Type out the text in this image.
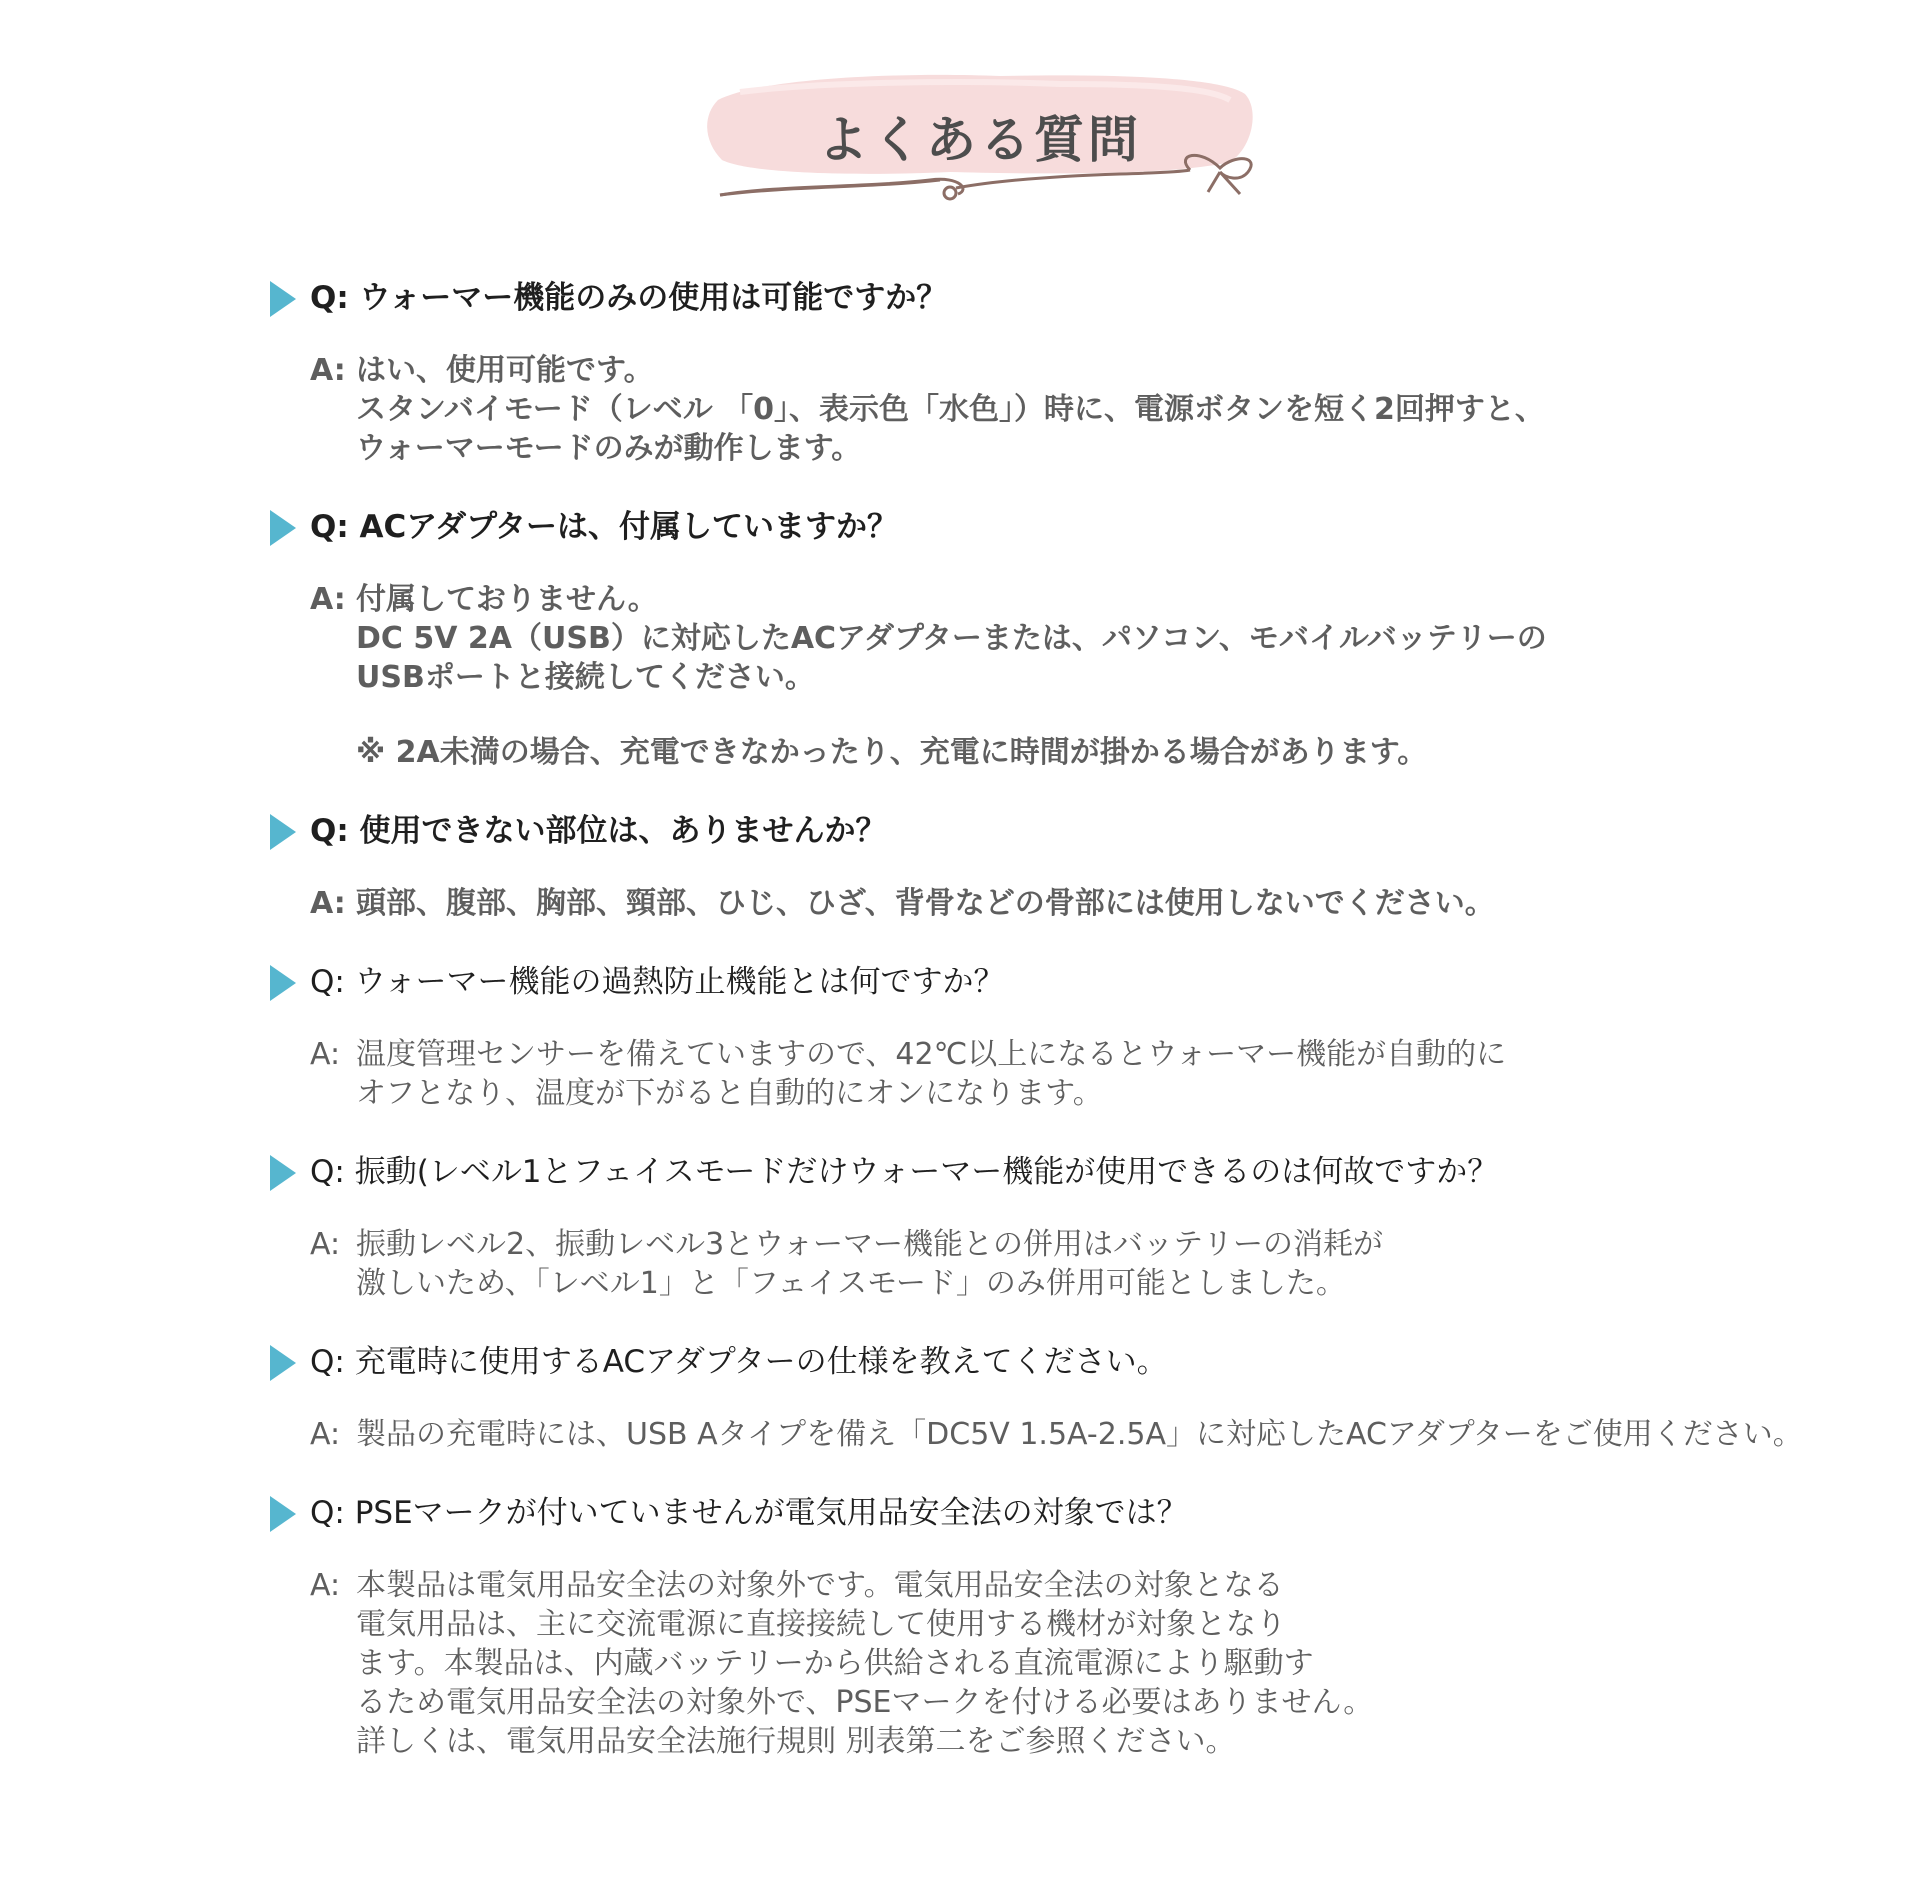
よくある質問
Q: ウォーマー機能のみの使用は可能ですか？
A: はい、使用可能です。
スタンバイモード（レベル 「0」、表示色「水色」）時に、電源ボタンを短く2回押すと、
ウォーマーモードのみが動作します。
Q: ACアダプターは、付属していますか？
A: 付属しておりません。
DC 5V 2A（USB）に対応したACアダプターまたは、パソコン、モバイルバッテリーの
USBポートと接続してください。
※ 2A未満の場合、充電できなかったり、充電に時間が掛かる場合があります。
Q: 使用できない部位は、ありませんか？
A: 頭部、腹部、胸部、頸部、ひじ、ひざ、背骨などの骨部には使用しないでください。
Q: ウォーマー機能の過熱防止機能とは何ですか？
A: 温度管理センサーを備えていますので、42℃以上になるとウォーマー機能が自動的に
オフとなり、温度が下がると自動的にオンになります。
Q: 振動(レベル1とフェイスモードだけウォーマー機能が使用できるのは何故ですか？
A: 振動レベル2、振動レベル3とウォーマー機能との併用はバッテリーの消耗が
激しいため、「レベル1」と「フェイスモード」のみ併用可能としました。
Q: 充電時に使用するACアダプターの仕様を教えてください。
A: 製品の充電時には、USB Aタイプを備え「DC5V 1.5A-2.5A」に対応したACアダプターをご使用ください。
Q: PSEマークが付いていませんが電気用品安全法の対象では？
A: 本製品は電気用品安全法の対象外です。電気用品安全法の対象となる
電気用品は、主に交流電源に直接接続して使用する機材が対象となり
ます。本製品は、内蔵バッテリーから供給される直流電源により駆動す
るため電気用品安全法の対象外で、PSEマークを付ける必要はありません。
詳しくは、電気用品安全法施行規則 別表第二をご参照ください。
